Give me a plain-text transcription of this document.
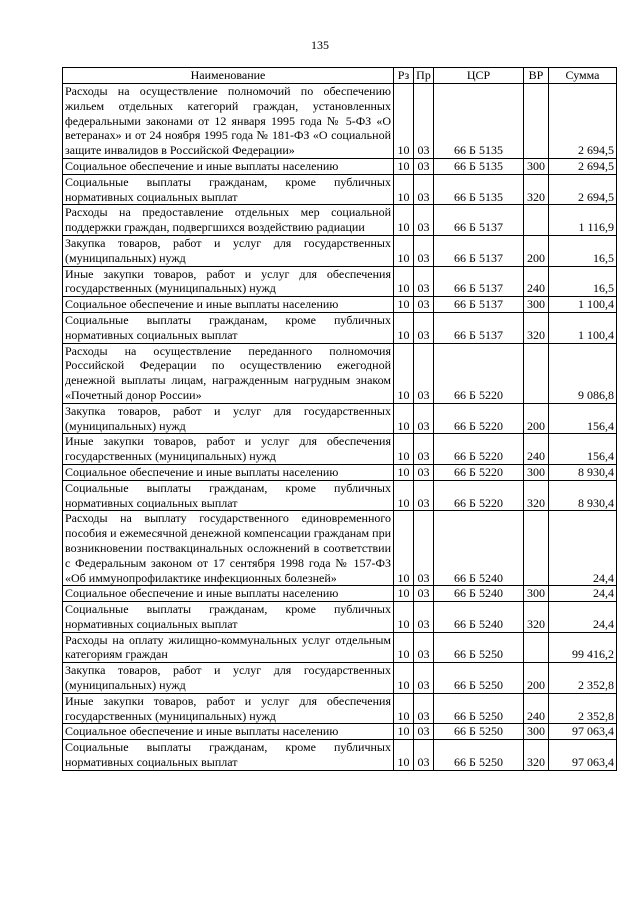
135
Наименование	Рз	Пр	ЦСР	ВР	Сумма
Расходы на осуществление полномочий по обеспечению жильем отдельных категорий граждан, установленных федеральными законами от 12 января 1995 года № 5-ФЗ «О ветеранах» и от 24 ноября 1995 года № 181-ФЗ «О социальной защите инвалидов в Российской Федерации»	10	03	66 Б 5135		2 694,5
Социальное обеспечение и иные выплаты населению	10	03	66 Б 5135	300	2 694,5
Социальные выплаты гражданам, кроме публичных нормативных социальных выплат	10	03	66 Б 5135	320	2 694,5
Расходы на предоставление отдельных мер социальной поддержки граждан, подвергшихся воздействию радиации	10	03	66 Б 5137		1 116,9
Закупка товаров, работ и услуг для государственных (муниципальных) нужд	10	03	66 Б 5137	200	16,5
Иные закупки товаров, работ и услуг для обеспечения государственных (муниципальных) нужд	10	03	66 Б 5137	240	16,5
Социальное обеспечение и иные выплаты населению	10	03	66 Б 5137	300	1 100,4
Социальные выплаты гражданам, кроме публичных нормативных социальных выплат	10	03	66 Б 5137	320	1 100,4
Расходы на осуществление переданного полномочия Российской Федерации по осуществлению ежегодной денежной выплаты лицам, награжденным нагрудным знаком «Почетный донор России»	10	03	66 Б 5220		9 086,8
Закупка товаров, работ и услуг для государственных (муниципальных) нужд	10	03	66 Б 5220	200	156,4
Иные закупки товаров, работ и услуг для обеспечения государственных (муниципальных) нужд	10	03	66 Б 5220	240	156,4
Социальное обеспечение и иные выплаты населению	10	03	66 Б 5220	300	8 930,4
Социальные выплаты гражданам, кроме публичных нормативных социальных выплат	10	03	66 Б 5220	320	8 930,4
Расходы на выплату государственного единовременного пособия и ежемесячной денежной компенсации гражданам при возникновении поствакцинальных осложнений в соответствии с Федеральным законом от 17 сентября 1998 года № 157-ФЗ «Об иммунопрофилактике инфекционных болезней»	10	03	66 Б 5240		24,4
Социальное обеспечение и иные выплаты населению	10	03	66 Б 5240	300	24,4
Социальные выплаты гражданам, кроме публичных нормативных социальных выплат	10	03	66 Б 5240	320	24,4
Расходы на оплату жилищно-коммунальных услуг отдельным категориям граждан	10	03	66 Б 5250		99 416,2
Закупка товаров, работ и услуг для государственных (муниципальных) нужд	10	03	66 Б 5250	200	2 352,8
Иные закупки товаров, работ и услуг для обеспечения государственных (муниципальных) нужд	10	03	66 Б 5250	240	2 352,8
Социальное обеспечение и иные выплаты населению	10	03	66 Б 5250	300	97 063,4
Социальные выплаты гражданам, кроме публичных нормативных социальных выплат	10	03	66 Б 5250	320	97 063,4
